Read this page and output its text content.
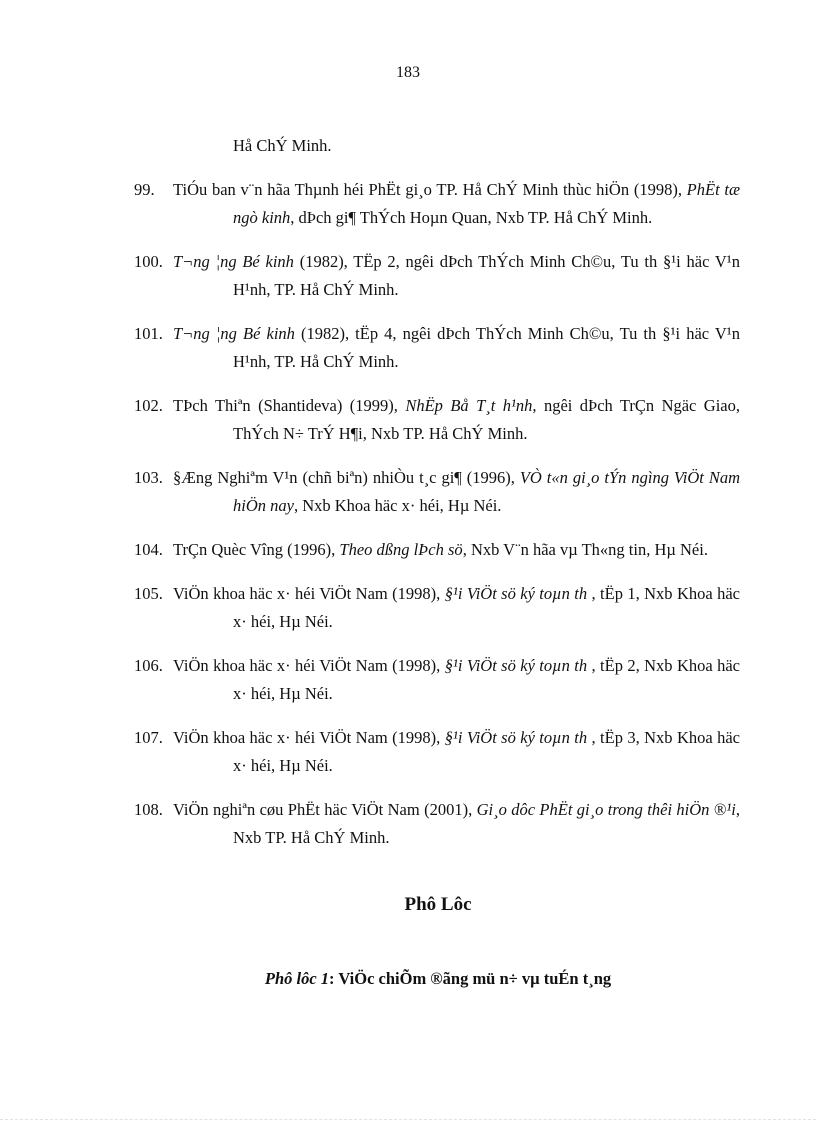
183
Hå ChÝ Minh.
99. TiÓu ban v¨n hãa Thµnh héi PhËt gi¸o TP. Hå ChÝ Minh thùc hiÖn (1998), PhËt tæ ngò kinh, dÞch gi¶ ThÝch Hoµn Quan, Nxb TP. Hå ChÝ Minh.
100. T¬ng ¦ng Bé kinh (1982), TËp 2, ngêi dÞch ThÝch Minh Ch©u, Tu th §¹i häc V¹n H¹nh, TP. Hå ChÝ Minh.
101. T¬ng ¦ng Bé kinh (1982), tËp 4, ngêi dÞch ThÝch Minh Ch©u, Tu th §¹i häc V¹n H¹nh, TP. Hå ChÝ Minh.
102. TÞch Thiªn (Shantideva) (1999), NhËp Bå T¸t h¹nh, ngêi dÞch TrÇn Ngäc Giao, ThÝch N÷ TrÝ H¶i, Nxb TP. Hå ChÝ Minh.
103. §Æng Nghiªm V¹n (chñ biªn) nhiÒu t¸c gi¶ (1996), VÒ t«n gi¸o tÝn ngìng ViÖt Nam hiÖn nay, Nxb Khoa häc x· héi, Hµ Néi.
104. TrÇn Quèc Vîng (1996), Theo dßng lÞch sö, Nxb V¨n hãa vµ Th«ng tin, Hµ Néi.
105. ViÖn khoa häc x· héi ViÖt Nam (1998), §¹i ViÖt sö ký toµn th , tËp 1, Nxb Khoa häc x· héi, Hµ Néi.
106. ViÖn khoa häc x· héi ViÖt Nam (1998), §¹i ViÖt sö ký toµn th , tËp 2, Nxb Khoa häc x· héi, Hµ Néi.
107. ViÖn khoa häc x· héi ViÖt Nam (1998), §¹i ViÖt sö ký toµn th , tËp 3, Nxb Khoa häc x· héi, Hµ Néi.
108. ViÖn nghiªn cøu PhËt häc ViÖt Nam (2001), Gi¸o dôc PhËt gi¸o trong thêi hiÖn ®¹i, Nxb TP. Hå ChÝ Minh.
Phô Lôc
Phô lôc 1: ViÖc chiÕm ®ãng mü n÷ vµ tuÉn t¸ng
